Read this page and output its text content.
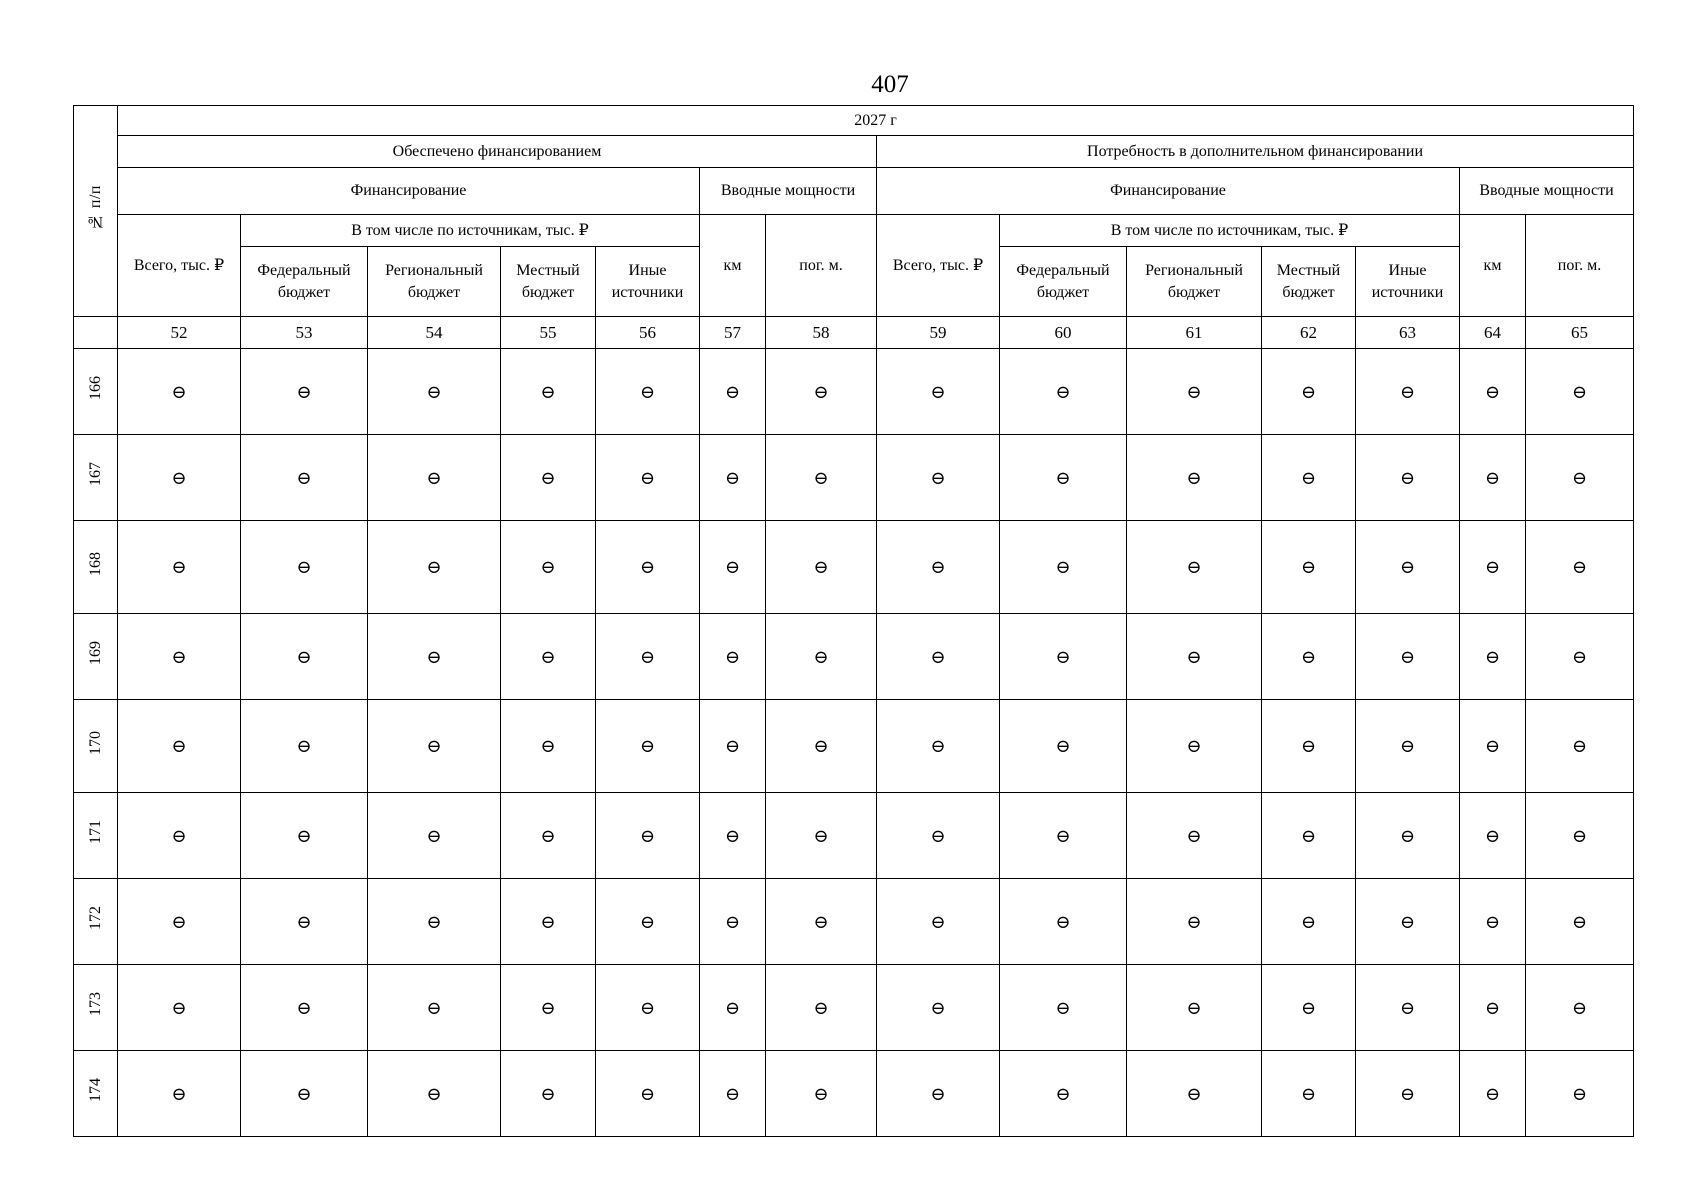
407
№ п/п	2027 г													
	Обеспечено финансированием							Потребность в дополнительном финансировании						
	Финансирование					Вводные мощности		Финансирование					Вводные мощности	
	Всего, тыс. ₽	В том числе по источникам, тыс. ₽				км	пог. м.	Всего, тыс. ₽	В том числе по источникам, тыс. ₽				км	пог. м.
		Федеральный бюджет	Региональный бюджет	Местный бюджет	Иные источники				Федеральный бюджет	Региональный бюджет	Местный бюджет	Иные источники		
	52	53	54	55	56	57	58	59	60	61	62	63	64	65
166	⊖	⊖	⊖	⊖	⊖	⊖	⊖	⊖	⊖	⊖	⊖	⊖	⊖	⊖
167	⊖	⊖	⊖	⊖	⊖	⊖	⊖	⊖	⊖	⊖	⊖	⊖	⊖	⊖
168	⊖	⊖	⊖	⊖	⊖	⊖	⊖	⊖	⊖	⊖	⊖	⊖	⊖	⊖
169	⊖	⊖	⊖	⊖	⊖	⊖	⊖	⊖	⊖	⊖	⊖	⊖	⊖	⊖
170	⊖	⊖	⊖	⊖	⊖	⊖	⊖	⊖	⊖	⊖	⊖	⊖	⊖	⊖
171	⊖	⊖	⊖	⊖	⊖	⊖	⊖	⊖	⊖	⊖	⊖	⊖	⊖	⊖
172	⊖	⊖	⊖	⊖	⊖	⊖	⊖	⊖	⊖	⊖	⊖	⊖	⊖	⊖
173	⊖	⊖	⊖	⊖	⊖	⊖	⊖	⊖	⊖	⊖	⊖	⊖	⊖	⊖
174	⊖	⊖	⊖	⊖	⊖	⊖	⊖	⊖	⊖	⊖	⊖	⊖	⊖	⊖
